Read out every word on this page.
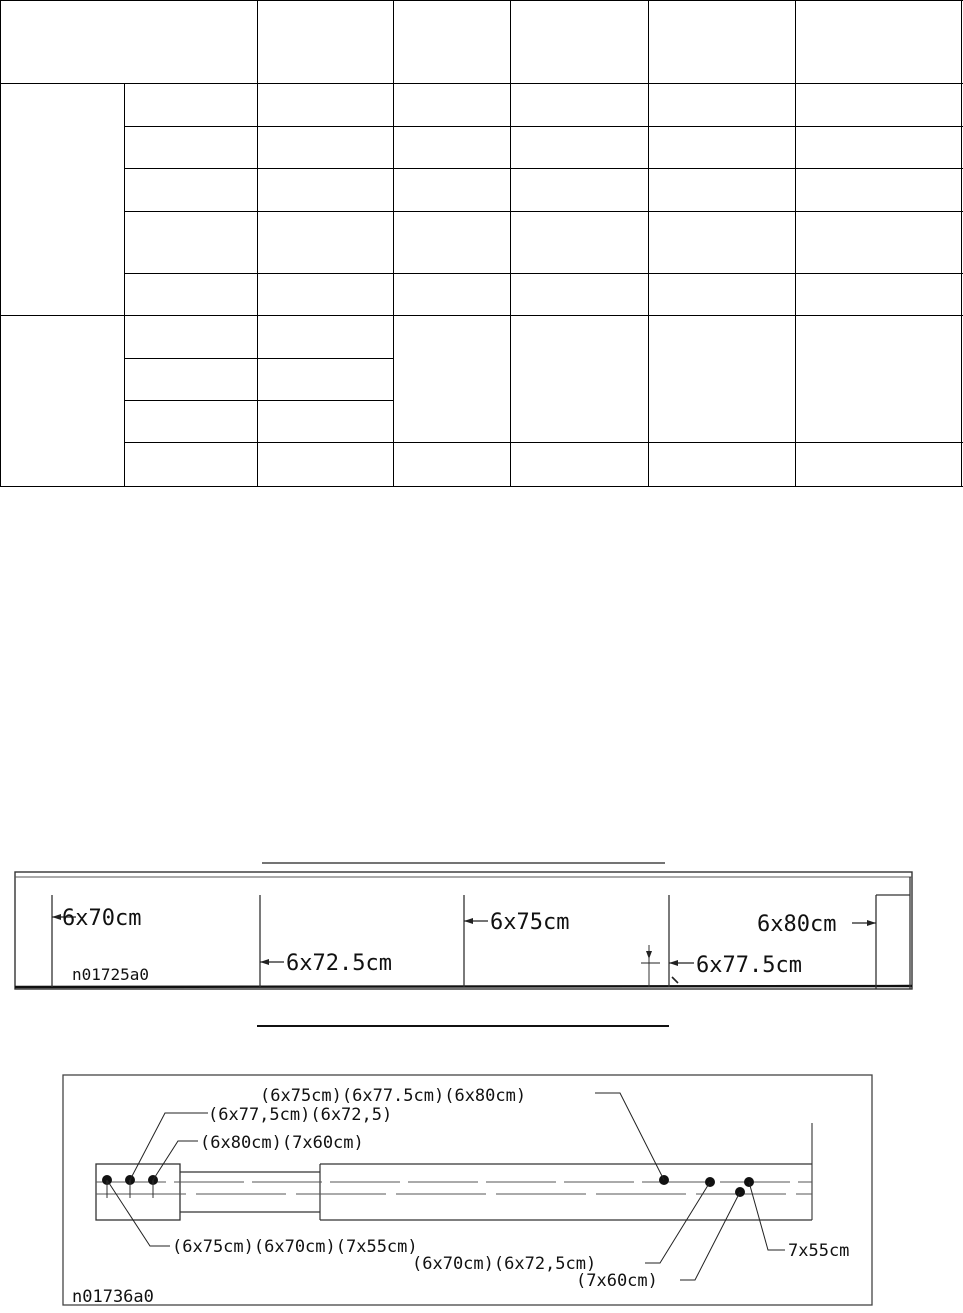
6x70cm
6x72.5cm
6x75cm
6x77.5cm
6x80cm
n01725a0
(6x75cm)(6x77.5cm)(6x80cm)
(6x77,5cm)(6x72,5)
(6x80cm)(7x60cm)
(6x75cm)(6x70cm)(7x55cm)
(6x70cm)(6x72,5cm)
(7x60cm)
7x55cm
n01736a0
